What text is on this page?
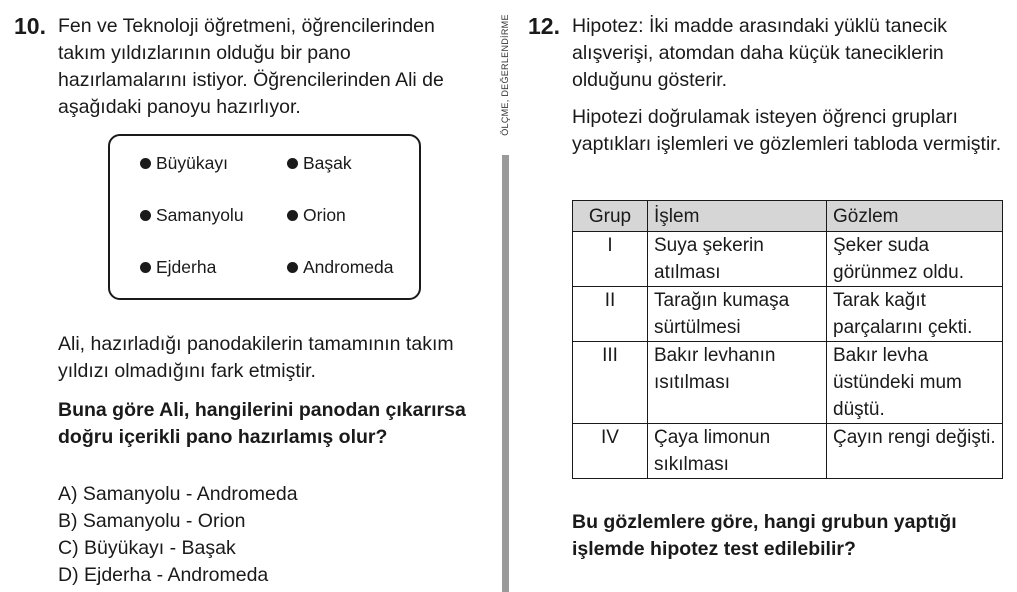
10. Fen ve Teknoloji öğretmeni, öğrencilerinden takım yıldızlarının olduğu bir pano hazırlamalarını istiyor. Öğrencilerinden Ali de aşağıdaki panoyu hazırlıyor.
Büyükayı	Başak
Samanyolu	Orion
Ejderha	Andromeda
Ali, hazırladığı panodakilerin tamamının takım yıldızı olmadığını fark etmiştir.
Buna göre Ali, hangilerini panodan çıkarırsa doğru içerikli pano hazırlamış olur?
A) Samanyolu - Andromeda
B) Samanyolu - Orion
C) Büyükayı - Başak
D) Ejderha - Andromeda
ÖLÇME, DEĞERLENDİRME 12. Hipotez: İki madde arasındaki yüklü tanecik alışverişi, atomdan daha küçük taneciklerin olduğunu gösterir.
Hipotezi doğrulamak isteyen öğrenci grupları yaptıkları işlemleri ve gözlemleri tabloda vermiştir.
Grup	İşlem	Gözlem
I	Suya şekerin atılması	Şeker suda görünmez oldu.
II	Tarağın kumaşa sürtülmesi	Tarak kağıt parçalarını çekti.
III	Bakır levhanın ısıtılması	Bakır levha üstündeki mum düştü.
IV	Çaya limonun sıkılması	Çayın rengi değişti.
Bu gözlemlere göre, hangi grubun yaptığı işlemde hipotez test edilebilir?
